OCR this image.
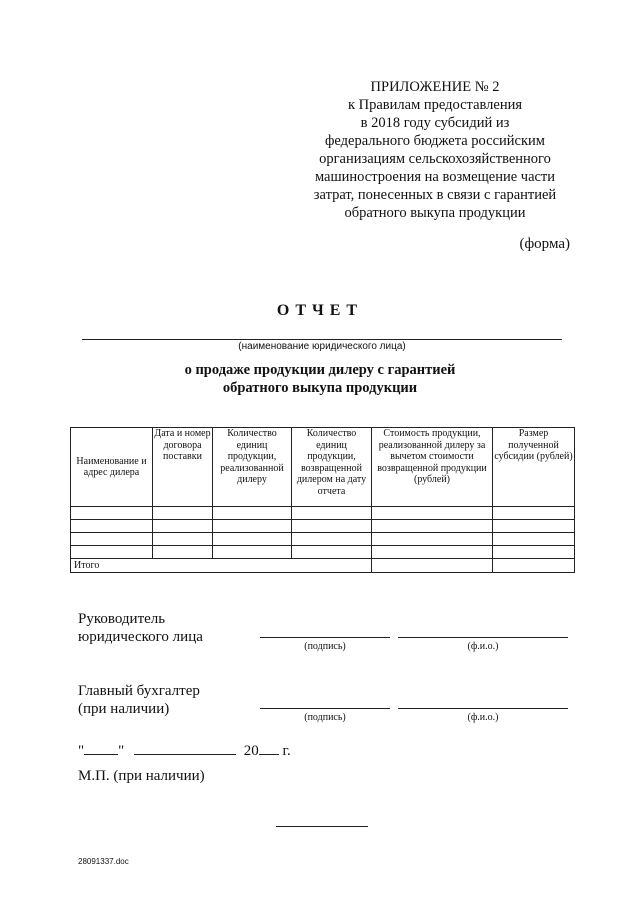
ПРИЛОЖЕНИЕ № 2
к Правилам предоставления
в 2018 году субсидий из
федерального бюджета российским
организациям сельскохозяйственного
машиностроения на возмещение части
затрат, понесенных в связи с гарантией
обратного выкупа продукции
(форма)
ОТЧЕТ
(наименование юридического лица)
о продаже продукции дилеру с гарантией
обратного выкупа продукции
Наименование и адрес дилера	Дата и номер договора поставки	Количество единиц продукции, реализованной дилеру	Количество единиц продукции, возвращенной дилером на дату отчета	Стоимость продукции, реализованной дилеру за вычетом стоимости возвращенной продукции (рублей)	Размер полученной субсидии (рублей)

Итого					
Руководитель
юридического лица
(подпись)	(ф.и.о.)
Главный бухгалтер
(при наличии)
(подпись)	(ф.и.о.)
" "	20 г.
М.П. (при наличии)
28091337.doc
